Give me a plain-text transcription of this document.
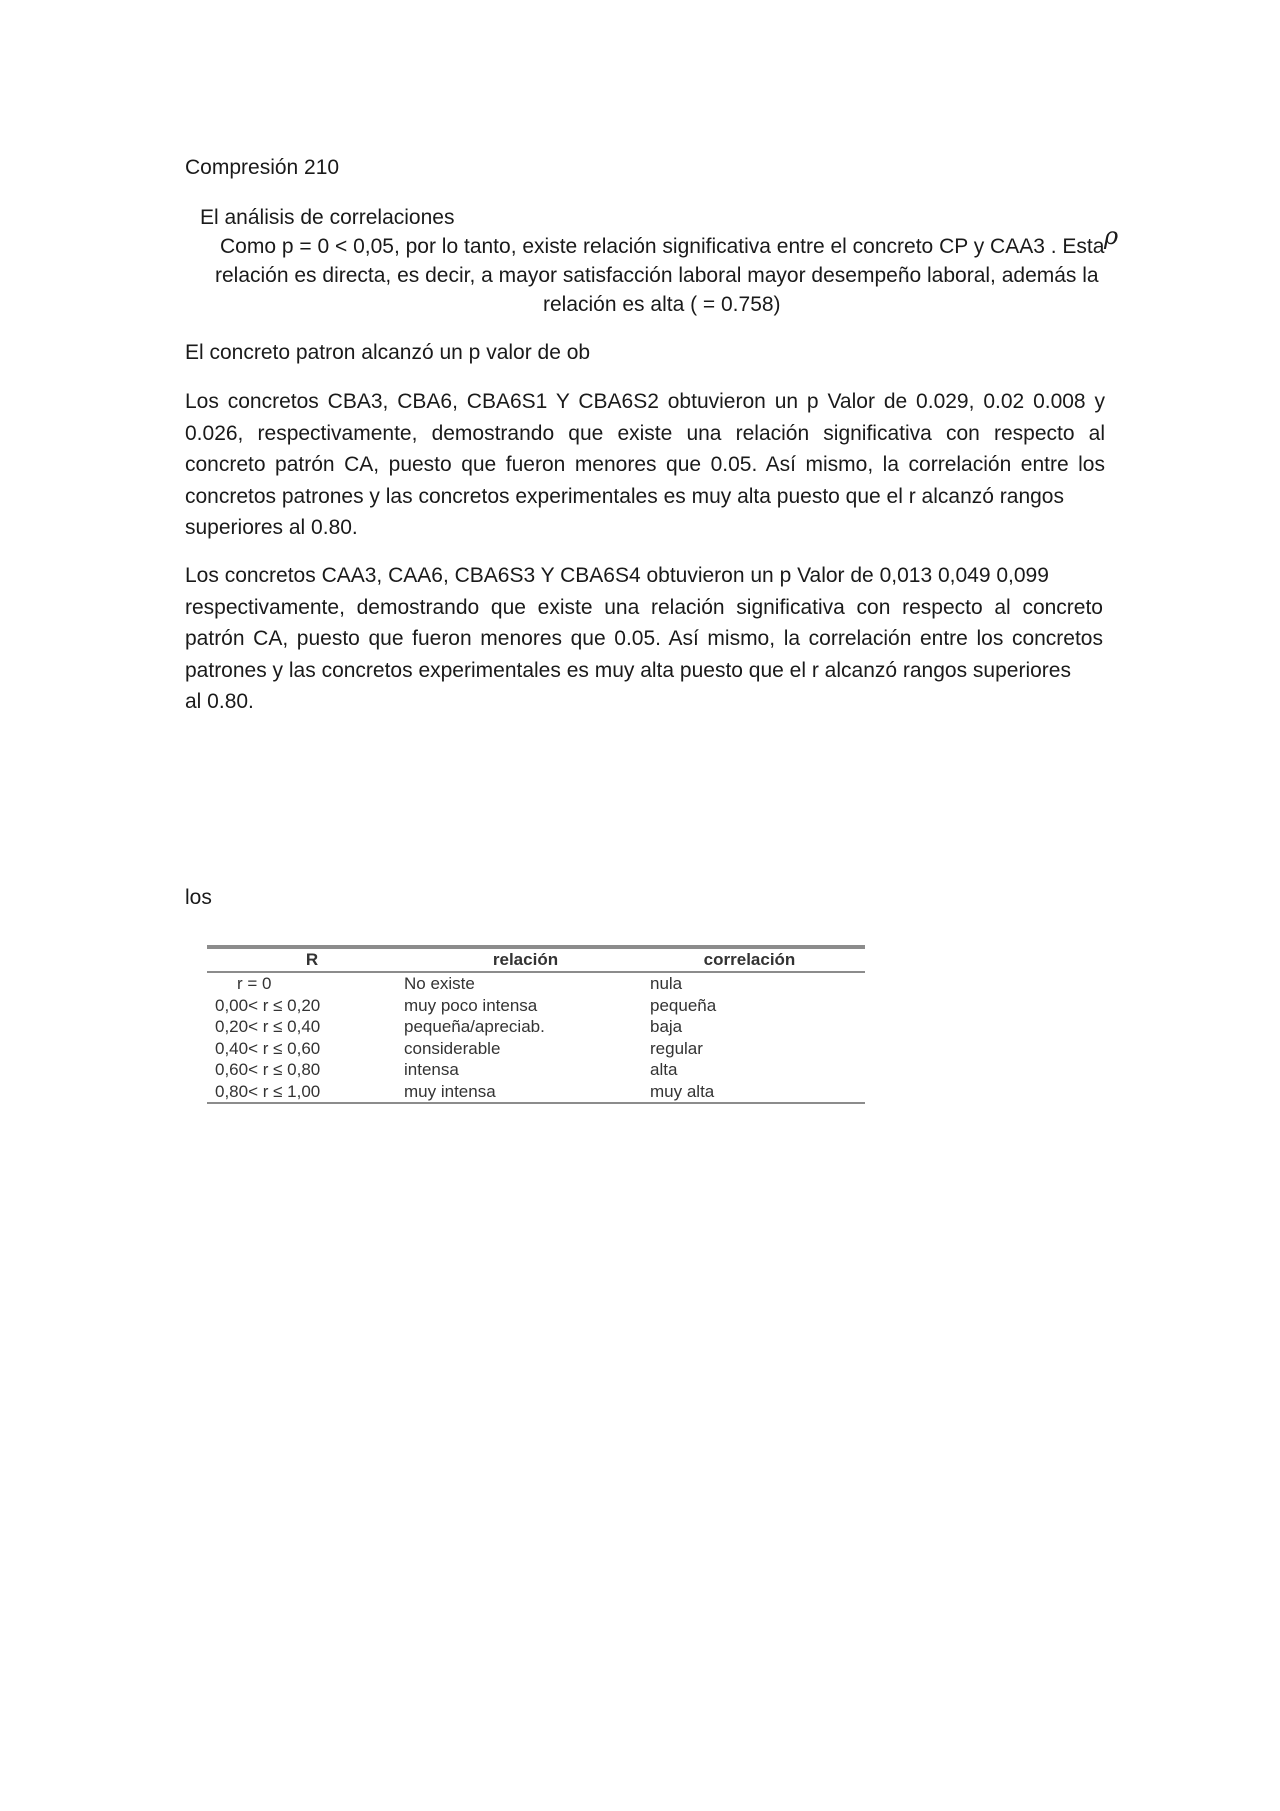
Compresión 210
El análisis de correlaciones
Como p = 0 < 0,05, por lo tanto, existe relación significativa entre el concreto CP y CAA3 . Esta ρ
relación es directa, es decir, a mayor satisfacción laboral mayor desempeño laboral, además la
relación es alta ( = 0.758)
El concreto patron alcanzó un p valor de ob
Los concretos CBA3, CBA6, CBA6S1 Y CBA6S2 obtuvieron un p Valor de 0.029, 0.02 0.008 y 0.026, respectivamente, demostrando que existe una relación significativa con respecto al concreto patrón CA, puesto que fueron menores que 0.05. Así mismo, la correlación entre los concretos patrones y las concretos experimentales es muy alta puesto que el r alcanzó rangos
superiores al 0.80.
Los concretos CAA3, CAA6, CBA6S3 Y CBA6S4 obtuvieron un p Valor de 0,013 0,049 0,099
respectivamente, demostrando que existe una relación significativa con respecto al concreto patrón CA, puesto que fueron menores que 0.05. Así mismo, la correlación entre los concretos patrones y las concretos experimentales es muy alta puesto que el r alcanzó rangos superiores
al 0.80.
los
R	relación	correlación
r = 0	No existe	nula
0,00< r ≤ 0,20	muy poco intensa	pequeña
0,20< r ≤ 0,40	pequeña/apreciab.	baja
0,40< r ≤ 0,60	considerable	regular
0,60< r ≤ 0,80	intensa	alta
0,80< r ≤ 1,00	muy intensa	muy alta
